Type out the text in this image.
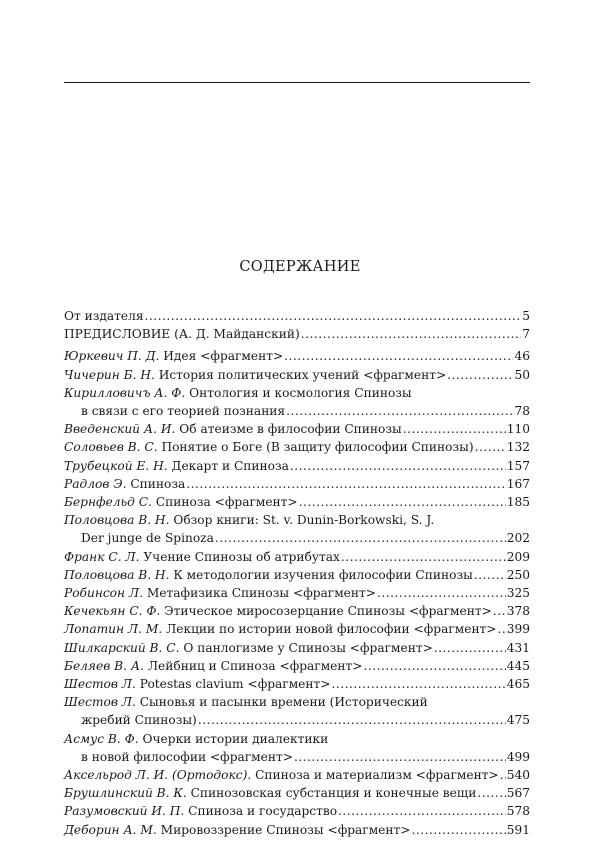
СОДЕРЖАНИЕ
От издателя .....	5
ПРЕДИСЛОВИЕ (А. Д. Майданский) .....	7
Юркевич П. Д. Идея <фрагмент> .....	46
Чичерин Б. Н. История политических учений <фрагмент> .....	50
Кирилловичъ А. Ф. Онтология и космология Спинозы
в связи с его теорией познания .....	78
Введенский А. И. Об атеизме в философии Спинозы .....	110
Соловьев В. С. Понятие о Боге (В защиту философии Спинозы) .....	132
Трубецкой Е. Н. Декарт и Спиноза .....	157
Радлов Э. Спиноза .....	167
Бернфельд С. Спиноза <фрагмент> .....	185
Половцова В. Н. Обзор книги: St. v. Dunin-Borkowski, S. J.
Der junge de Spinoza .....	202
Франк С. Л. Учение Спинозы об атрибутах .....	209
Половцова В. Н. К методологии изучения философии Спинозы .....	250
Робинсон Л. Метафизика Спинозы <фрагмент> .....	325
Кечекьян С. Ф. Этическое миросозерцание Спинозы <фрагмент> ..... 378
Лопатин Л. М. Лекции по истории новой философии <фрагмент> ..... 399
Шилкарский В. С. О панлогизме у Спинозы <фрагмент> .....	431
Беляев В. А. Лейбниц и Спиноза <фрагмент> .....	445
Шестов Л. Potestas clavium <фрагмент> .....	465
Шестов Л. Сыновья и пасынки времени (Исторический
жребий Спинозы) .....	475
Асмус В. Ф. Очерки истории диалектики
в новой философии <фрагмент> .....	499
Аксельрод Л. И. (Ортодокс). Спиноза и материализм <фрагмент> ..... 540
Брушлинский В. К. Спинозовская субстанция и конечные вещи ..... 567
Разумовский И. П. Спиноза и государство .....	578
Деборин А. М. Мировоззрение Спинозы <фрагмент> .....	591
